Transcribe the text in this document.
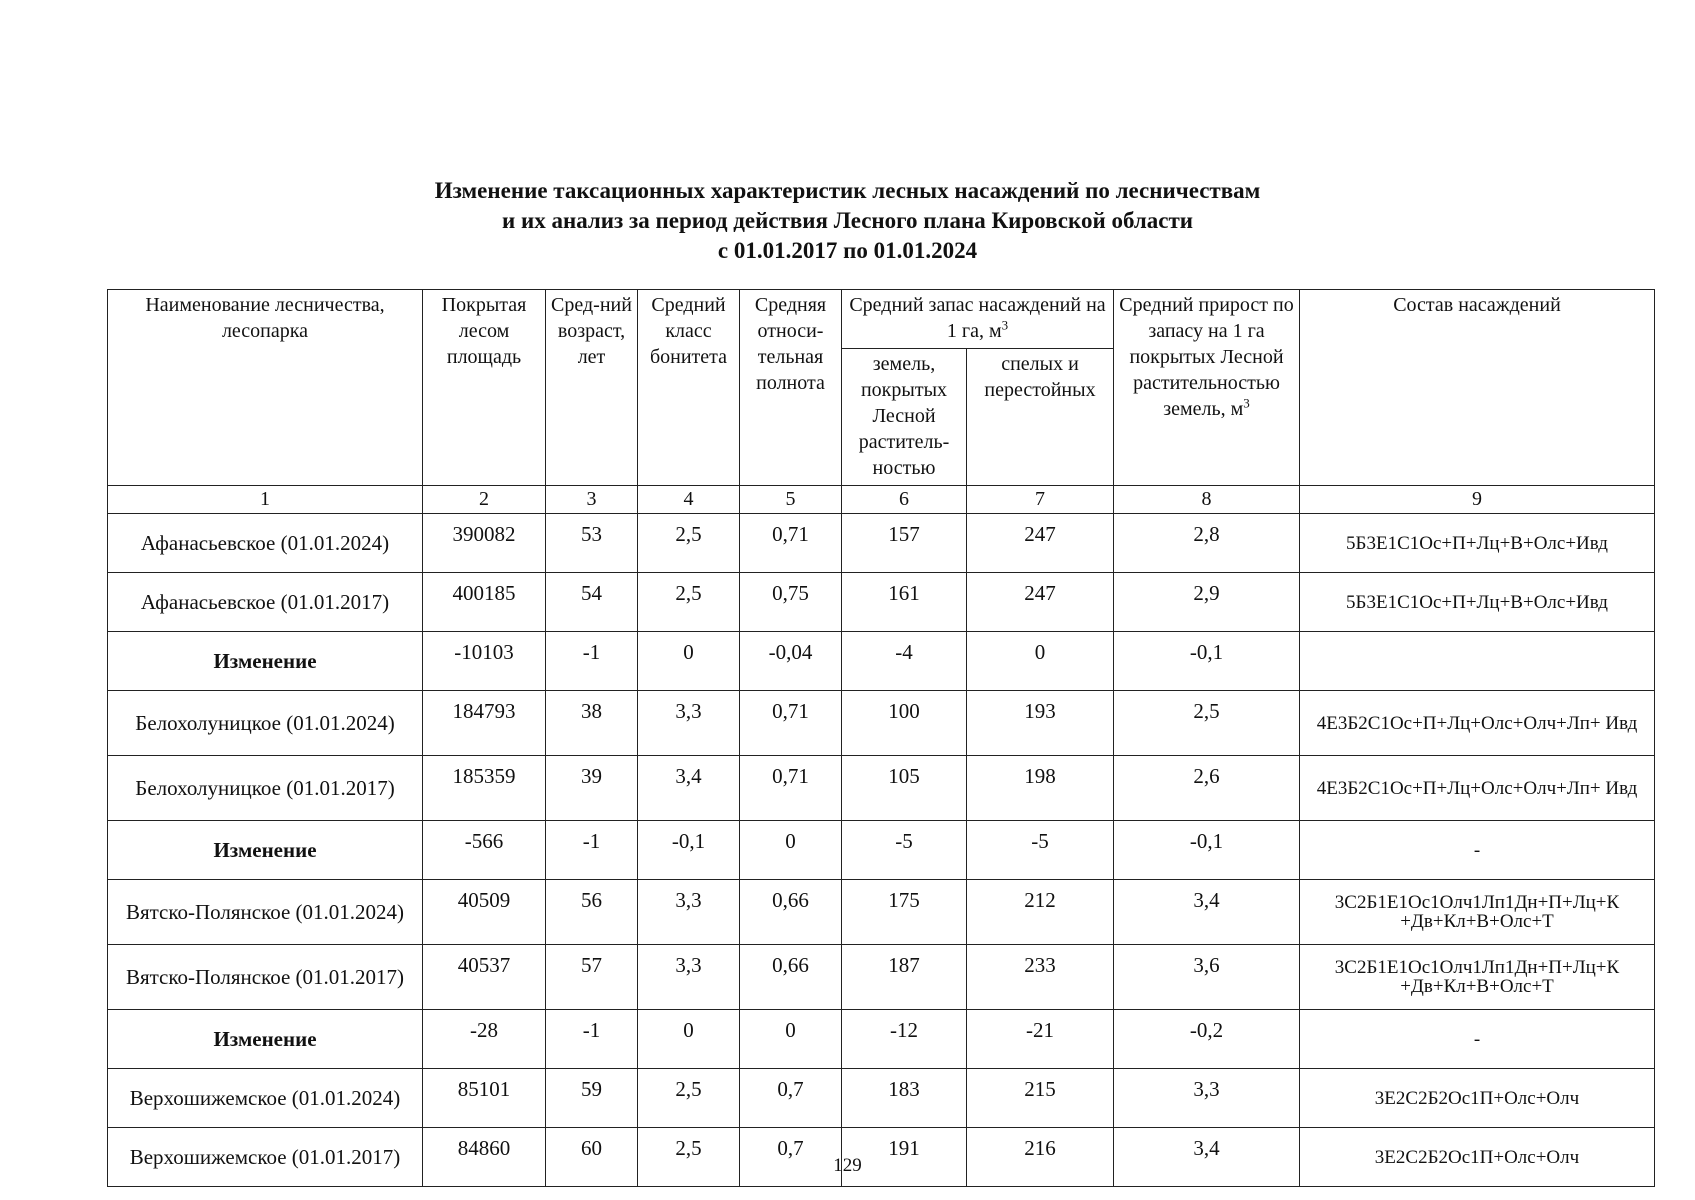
Изменение таксационных характеристик лесных насаждений по лесничествам
и их анализ за период действия Лесного плана Кировской области
с 01.01.2017 по 01.01.2024
Наименование лесничества, лесопарка	Покрытая лесом площадь	Сред-ний возраст, лет	Средний класс бонитета	Средняя относи-тельная полнота	Средний запас насаждений на 1 га, $м^3$		Средний прирост по запасу на 1 га покрытых Лесной растительностью земель, $м^3$	Состав насаждений
					земель, покрытых Лесной раститель-ностью	спелых и перестойных		
1	2	3	4	5	6	7	8	9
Афанасьевское (01.01.2024)	390082	53	2,5	0,71	157	247	2,8	5Б3Е1С1Ос+П+Лц+В+Олс+Ивд
Афанасьевское (01.01.2017)	400185	54	2,5	0,75	161	247	2,9	5Б3Е1С1Ос+П+Лц+В+Олс+Ивд
Изменение	-10103	-1	0	-0,04	-4	0	-0,1	
Белохолуницкое (01.01.2024)	184793	38	3,3	0,71	100	193	2,5	4Е3Б2С1Ос+П+Лц+Олс+Олч+Лп+ Ивд
Белохолуницкое (01.01.2017)	185359	39	3,4	0,71	105	198	2,6	4Е3Б2С1Ос+П+Лц+Олс+Олч+Лп+ Ивд
Изменение	-566	-1	-0,1	0	-5	-5	-0,1	-
Вятско-Полянское (01.01.2024)	40509	56	3,3	0,66	175	212	3,4	3С2Б1Е1Ос1Олч1Лп1Дн+П+Лц+К +Дв+Кл+В+Олс+Т
Вятско-Полянское (01.01.2017)	40537	57	3,3	0,66	187	233	3,6	3С2Б1Е1Ос1Олч1Лп1Дн+П+Лц+К +Дв+Кл+В+Олс+Т
Изменение	-28	-1	0	0	-12	-21	-0,2	-
Верхошижемское (01.01.2024)	85101	59	2,5	0,7	183	215	3,3	3Е2С2Б2Ос1П+Олс+Олч
Верхошижемское (01.01.2017)	84860	60	2,5	0,7	191	216	3,4	3Е2С2Б2Ос1П+Олс+Олч
129
